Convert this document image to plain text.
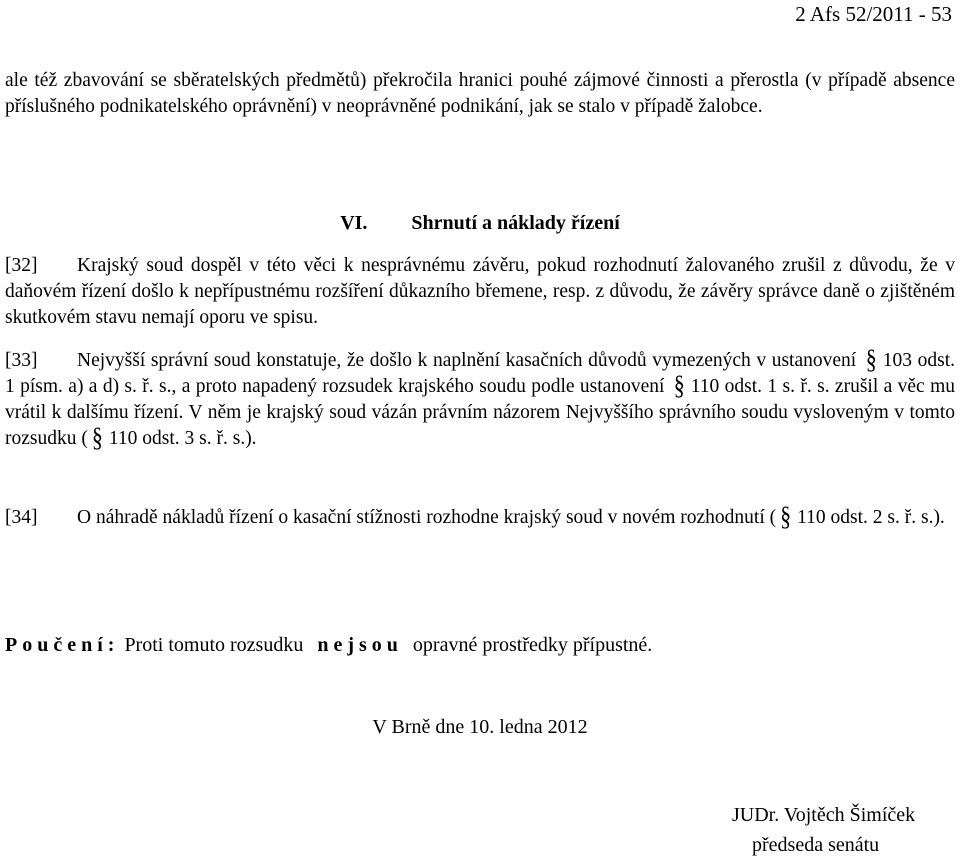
2 Afs 52/2011 - 53
ale též zbavování se sběratelských předmětů) překročila hranici pouhé zájmové činnosti a přerostla (v případě absence příslušného podnikatelského oprávnění) v neoprávněné podnikání, jak se stalo v případě žalobce.
VI. Shrnutí a náklady řízení
[32] Krajský soud dospěl v této věci k nesprávnému závěru, pokud rozhodnutí žalovaného zrušil z důvodu, že v daňovém řízení došlo k nepřípustnému rozšíření důkazního břemene, resp. z důvodu, že závěry správce daně o zjištěném skutkovém stavu nemají oporu ve spisu.
[33] Nejvyšší správní soud konstatuje, že došlo k naplnění kasačních důvodů vymezených v ustanovení § 103 odst. 1 písm. a) a d) s. ř. s., a proto napadený rozsudek krajského soudu podle ustanovení § 110 odst. 1 s. ř. s. zrušil a věc mu vrátil k dalšímu řízení. V něm je krajský soud vázán právním názorem Nejvyššího správního soudu vysloveným v tomto rozsudku ( § 110 odst. 3 s. ř. s.).
[34] O náhradě nákladů řízení o kasační stížnosti rozhodne krajský soud v novém rozhodnutí ( § 110 odst. 2 s. ř. s.).
Poučení: Proti tomuto rozsudku nejsou opravné prostředky přípustné.
V Brně dne 10. ledna 2012
JUDr. Vojtěch Šimíček
předseda senátu
